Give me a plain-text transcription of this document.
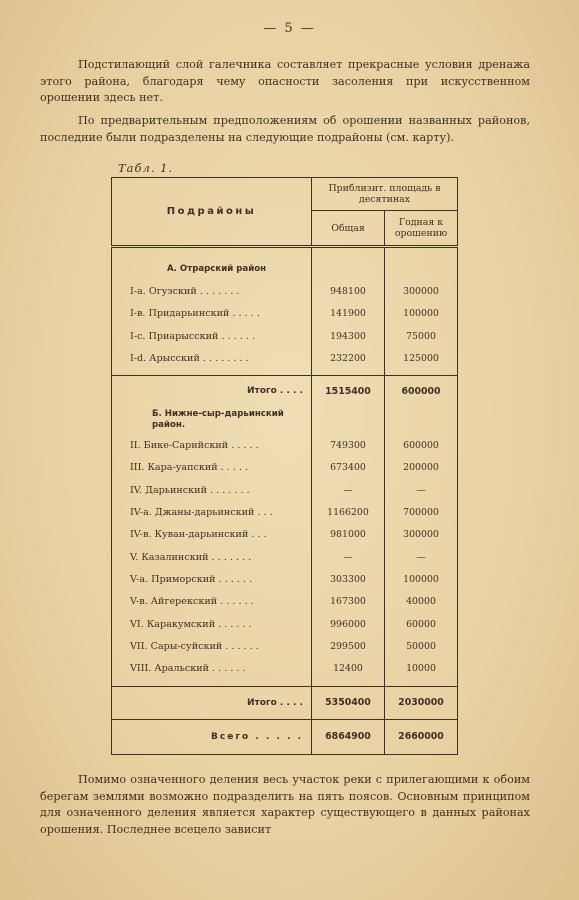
— 5 —
Подстилающий слой галечника составляет прекрасные условия дренажа этого района, благодаря чему опасности засоления при искусственном орошении здесь нет.
По предварительным предположениям об орошении названных районов, последние были подразделены на следующие подрайоны (см. карту).
Табл. 1.
Подрайоны	Приблизит. площадь в десятинах	
	Общая	Годная к орошению

А. Отрарский район		
I-a. Огузский . . . . . . .	948100	300000
I-в. Придарьинский . . . . .	141900	100000
I-с. Приарысский . . . . . .	194300	75000
I-d. Арысский . . . . . . . .	232200	125000

Итого . . . .	1515400	600000
Б. Нижне-сыр-дарьинский район.		
II. Бике-Сарийский . . . . .	749300	600000
III. Кара-уапский . . . . .	673400	200000
IV. Дарьинский . . . . . . .	—	—
IV-a. Джаны-дарьинский . . .	1166200	700000
IV-в. Куван-дарьинский . . .	981000	300000
V. Казалинский . . . . . . .	—	—
V-a. Приморский . . . . . .	303300	100000
V-в. Айгерекский . . . . . .	167300	40000
VI. Каракумский . . . . . .	996000	60000
VII. Сары-суйский . . . . . .	299500	50000
VIII. Аральский . . . . . .	12400	10000

Итого . . . .	5350400	2030000
Всего . . . . .	6864900	2660000
Помимо означенного деления весь участок реки с прилегающими к обоим берегам землями возможно подразделить на пять поясов. Основным принципом для означенного деления является характер существующего в данных районах орошения. Последнее всецело зависит
